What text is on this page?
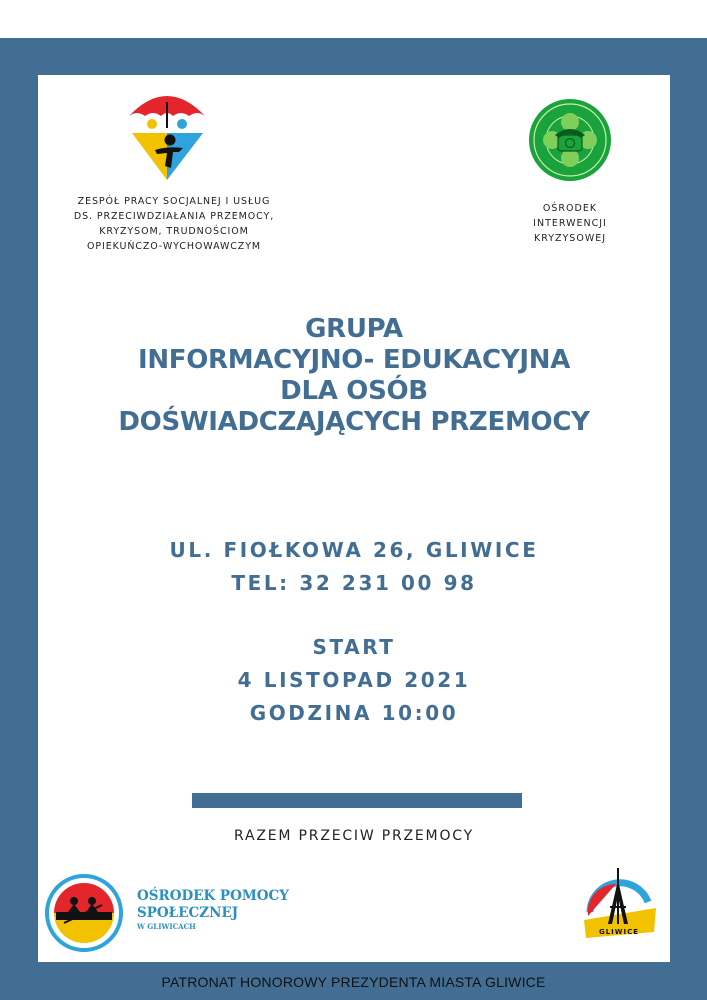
ZESPÓŁ PRACY SOCJALNEJ I USŁUG
DS. PRZECIWDZIAŁANIA PRZEMOCY,
KRYZYSOM, TRUDNOŚCIOM
OPIEKUŃCZO-WYCHOWAWCZYM
OŚRODEK
INTERWENCJI
KRYZYSOWEJ
GRUPA
INFORMACYJNO- EDUKACYJNA
DLA OSÓB
DOŚWIADCZAJĄCYCH PRZEMOCY
UL. FIOŁKOWA 26, GLIWICE
TEL: 32 231 00 98
START
4 LISTOPAD 2021
GODZINA 10:00
RAZEM PRZECIW PRZEMOCY
OŚRODEK POMOCY
SPOŁECZNEJ
W GLIWICACH
GLIWICE
PATRONAT HONOROWY PREZYDENTA MIASTA GLIWICE
